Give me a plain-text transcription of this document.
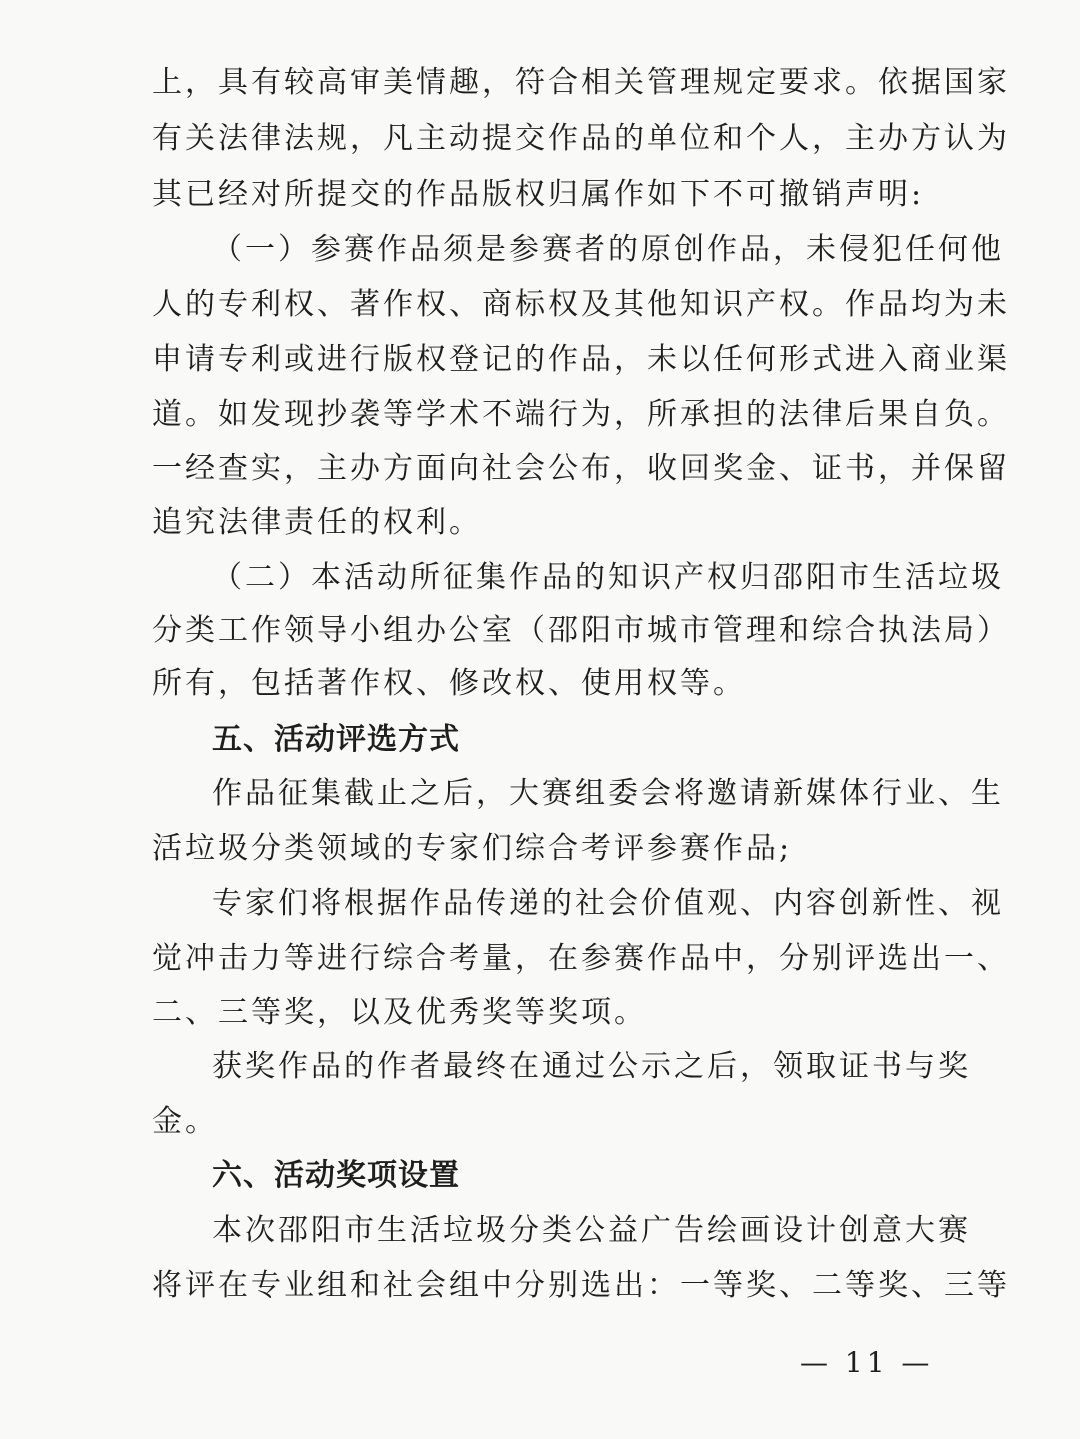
上，具有较高审美情趣，符合相关管理规定要求。依据国家
有关法律法规，凡主动提交作品的单位和个人，主办方认为
其已经对所提交的作品版权归属作如下不可撤销声明:
（一）参赛作品须是参赛者的原创作品，未侵犯任何他
人的专利权、著作权、商标权及其他知识产权。作品均为未
申请专利或进行版权登记的作品，未以任何形式进入商业渠
道。如发现抄袭等学术不端行为，所承担的法律后果自负。
一经查实，主办方面向社会公布，收回奖金、证书，并保留
追究法律责任的权利。
（二）本活动所征集作品的知识产权归邵阳市生活垃圾
分类工作领导小组办公室（邵阳市城市管理和综合执法局）
所有，包括著作权、修改权、使用权等。
五、活动评选方式
作品征集截止之后，大赛组委会将邀请新媒体行业、生
活垃圾分类领域的专家们综合考评参赛作品;
专家们将根据作品传递的社会价值观、内容创新性、视
觉冲击力等进行综合考量，在参赛作品中，分别评选出一、
二、三等奖，以及优秀奖等奖项。
获奖作品的作者最终在通过公示之后，领取证书与奖
金。
六、活动奖项设置
本次邵阳市生活垃圾分类公益广告绘画设计创意大赛
将评在专业组和社会组中分别选出：一等奖、二等奖、三等
— 11 —
